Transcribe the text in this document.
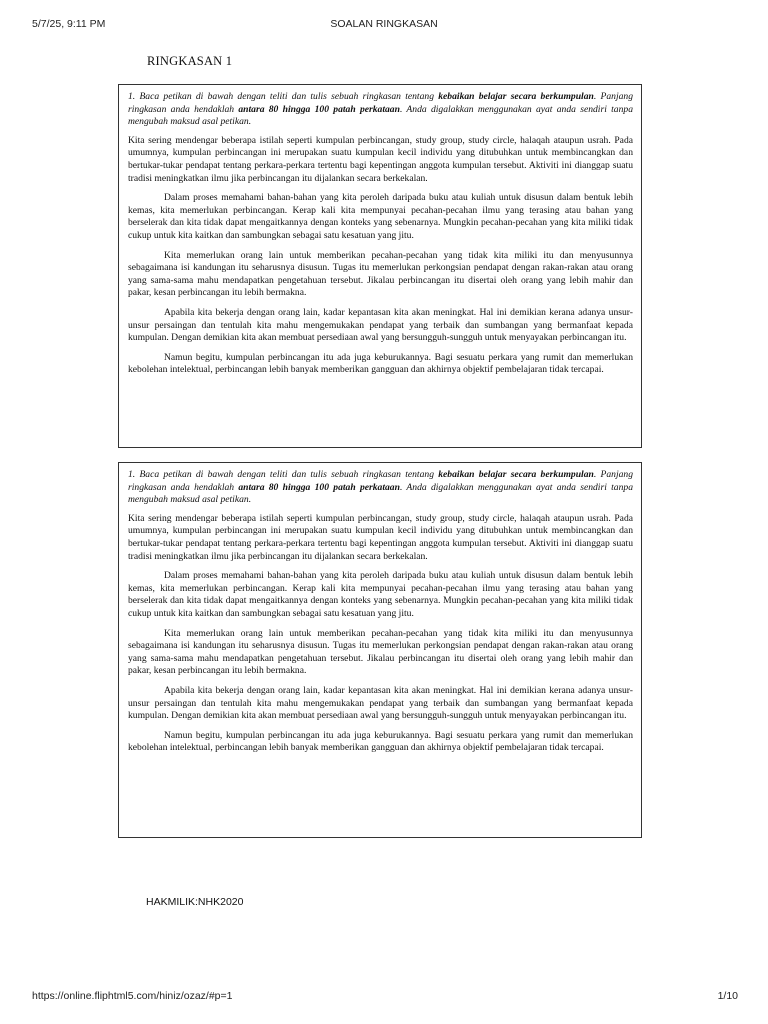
5/7/25, 9:11 PM	SOALAN RINGKASAN
RINGKASAN 1

1. Baca petikan di bawah dengan teliti dan tulis sebuah ringkasan tentang kebaikan belajar secara berkumpulan. Panjang ringkasan anda hendaklah antara 80 hingga 100 patah perkataan. Anda digalakkan menggunakan ayat anda sendiri tanpa mengubah maksud asal petikan.

Kita sering mendengar beberapa istilah seperti kumpulan perbincangan, study group, study circle, halaqah ataupun usrah. Pada umumnya, kumpulan perbincangan ini merupakan suatu kumpulan kecil individu yang ditubuhkan untuk membincangkan dan bertukar-tukar pendapat tentang perkara-perkara tertentu bagi kepentingan anggota kumpulan tersebut. Aktiviti ini dianggap suatu tradisi meningkatkan ilmu jika perbincangan itu dijalankan secara berkekalan.

Dalam proses memahami bahan-bahan yang kita peroleh daripada buku atau kuliah untuk disusun dalam bentuk lebih kemas, kita memerlukan perbincangan. Kerap kali kita mempunyai pecahan-pecahan ilmu yang terasing atau bahan yang berselerak dan kita tidak dapat mengaitkannya dengan konteks yang sebenarnya. Mungkin pecahan-pecahan yang kita miliki tidak cukup untuk kita kaitkan dan sambungkan sebagai satu kesatuan yang jitu.

Kita memerlukan orang lain untuk memberikan pecahan-pecahan yang tidak kita miliki itu dan menyusunnya sebagaimana isi kandungan itu seharusnya disusun. Tugas itu memerlukan perkongsian pendapat dengan rakan-rakan atau orang yang sama-sama mahu mendapatkan pengetahuan tersebut. Jikalau perbincangan itu disertai oleh orang yang lebih mahir dan pakar, kesan perbincangan itu lebih bermakna.

Apabila kita bekerja dengan orang lain, kadar kepantasan kita akan meningkat. Hal ini demikian kerana adanya unsur-unsur persaingan dan tentulah kita mahu mengemukakan pendapat yang terbaik dan sumbangan yang bermanfaat kepada kumpulan. Dengan demikian kita akan membuat persediaan awal yang bersungguh-sungguh untuk menyayakan perbincangan itu.

Namun begitu, kumpulan perbincangan itu ada juga keburukannya. Bagi sesuatu perkara yang rumit dan memerlukan kebolehan intelektual, perbincangan lebih banyak memberikan gangguan dan akhirnya objektif pembelajaran tidak tercapai.

1. Baca petikan di bawah dengan teliti dan tulis sebuah ringkasan tentang kebaikan belajar secara berkumpulan. Panjang ringkasan anda hendaklah antara 80 hingga 100 patah perkataan. Anda digalakkan menggunakan ayat anda sendiri tanpa mengubah maksud asal petikan.

Kita sering mendengar beberapa istilah seperti kumpulan perbincangan, study group, study circle, halaqah ataupun usrah. Pada umumnya, kumpulan perbincangan ini merupakan suatu kumpulan kecil individu yang ditubuhkan untuk membincangkan dan bertukar-tukar pendapat tentang perkara-perkara tertentu bagi kepentingan anggota kumpulan tersebut. Aktiviti ini dianggap suatu tradisi meningkatkan ilmu jika perbincangan itu dijalankan secara berkekalan.

Dalam proses memahami bahan-bahan yang kita peroleh daripada buku atau kuliah untuk disusun dalam bentuk lebih kemas, kita memerlukan perbincangan. Kerap kali kita mempunyai pecahan-pecahan ilmu yang terasing atau bahan yang berselerak dan kita tidak dapat mengaitkannya dengan konteks yang sebenarnya. Mungkin pecahan-pecahan yang kita miliki tidak cukup untuk kita kaitkan dan sambungkan sebagai satu kesatuan yang jitu.

Kita memerlukan orang lain untuk memberikan pecahan-pecahan yang tidak kita miliki itu dan menyusunnya sebagaimana isi kandungan itu seharusnya disusun. Tugas itu memerlukan perkongsian pendapat dengan rakan-rakan atau orang yang sama-sama mahu mendapatkan pengetahuan tersebut. Jikalau perbincangan itu disertai oleh orang yang lebih mahir dan pakar, kesan perbincangan itu lebih bermakna.

Apabila kita bekerja dengan orang lain, kadar kepantasan kita akan meningkat. Hal ini demikian kerana adanya unsur-unsur persaingan dan tentulah kita mahu mengemukakan pendapat yang terbaik dan sumbangan yang bermanfaat kepada kumpulan. Dengan demikian kita akan membuat persediaan awal yang bersungguh-sungguh untuk menyayakan perbincangan itu.

Namun begitu, kumpulan perbincangan itu ada juga keburukannya. Bagi sesuatu perkara yang rumit dan memerlukan kebolehan intelektual, perbincangan lebih banyak memberikan gangguan dan akhirnya objektif pembelajaran tidak tercapai.

HAKMILIK:NHK2020
https://online.fliphtml5.com/hiniz/ozaz/#p=1	1/10
